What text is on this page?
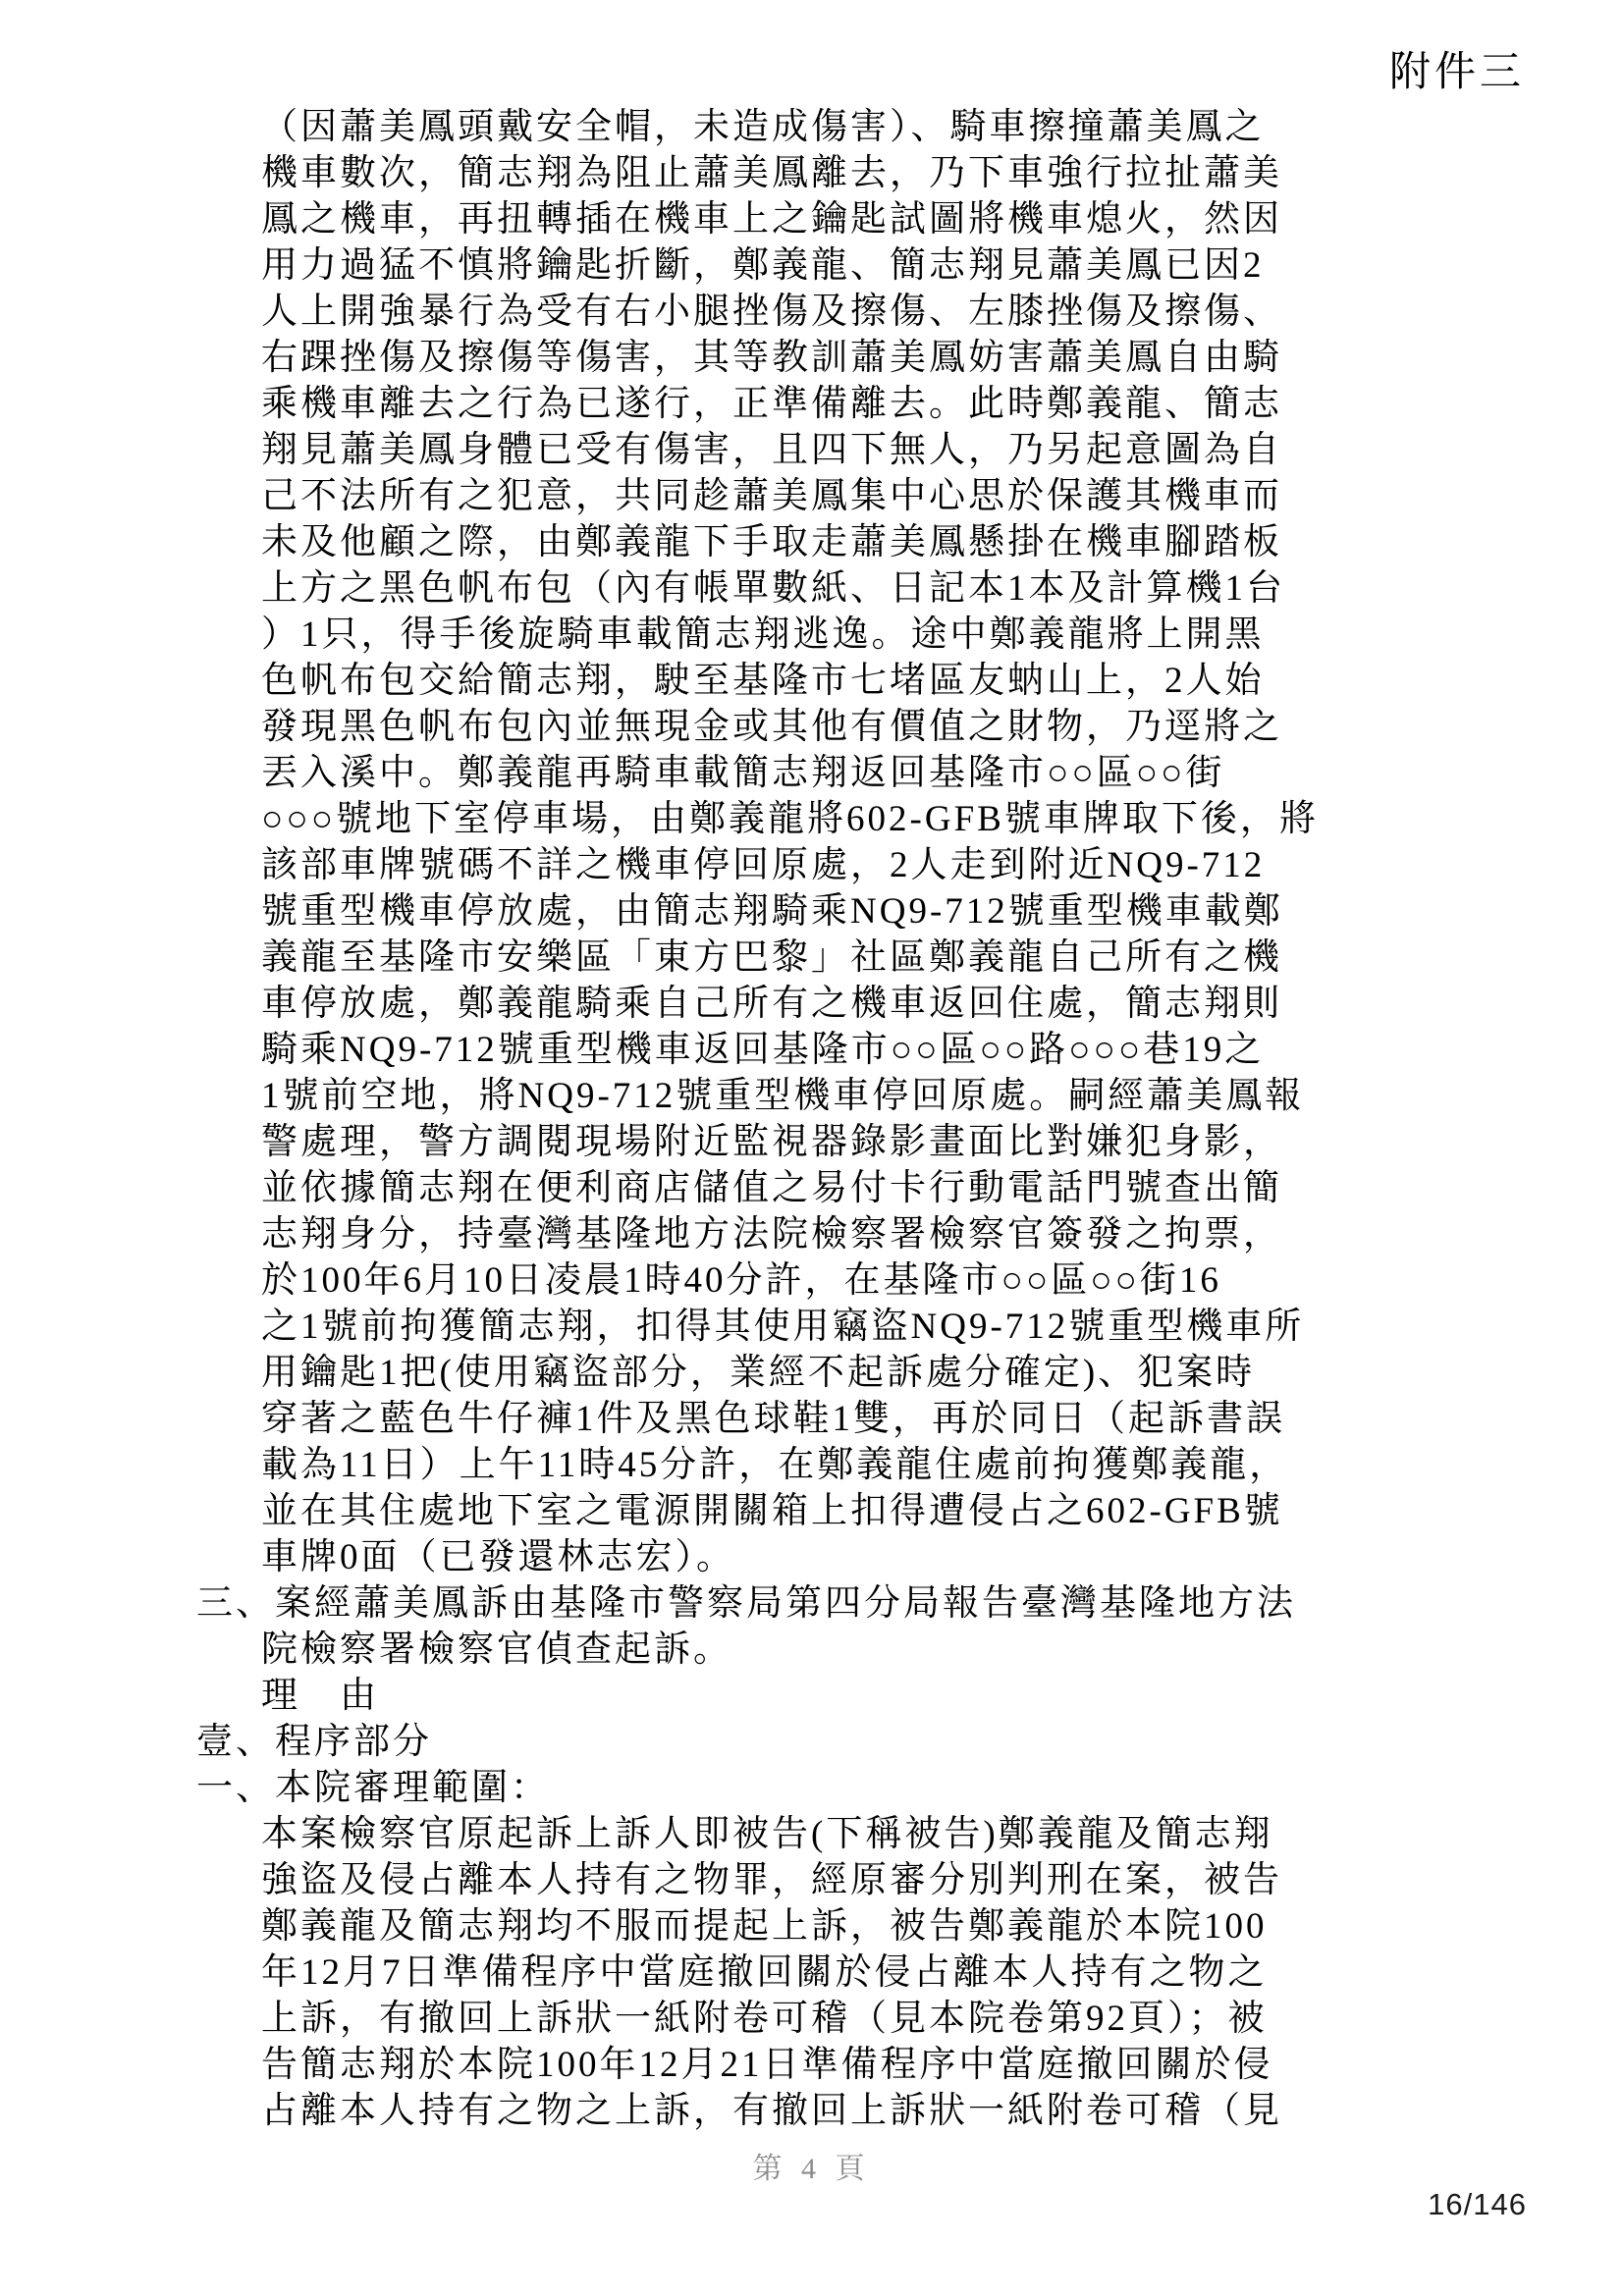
附件三
（因蕭美鳳頭戴安全帽，未造成傷害）、騎車擦撞蕭美鳳之
機車數次，簡志翔為阻止蕭美鳳離去，乃下車強行拉扯蕭美
鳳之機車，再扭轉插在機車上之鑰匙試圖將機車熄火，然因
用力過猛不慎將鑰匙折斷，鄭義龍、簡志翔見蕭美鳳已因2
人上開強暴行為受有右小腿挫傷及擦傷、左膝挫傷及擦傷、
右踝挫傷及擦傷等傷害，其等教訓蕭美鳳妨害蕭美鳳自由騎
乘機車離去之行為已遂行，正準備離去。此時鄭義龍、簡志
翔見蕭美鳳身體已受有傷害，且四下無人，乃另起意圖為自
己不法所有之犯意，共同趁蕭美鳳集中心思於保護其機車而
未及他顧之際，由鄭義龍下手取走蕭美鳳懸掛在機車腳踏板
上方之黑色帆布包（內有帳單數紙、日記本1本及計算機1台
）1只，得手後旋騎車載簡志翔逃逸。途中鄭義龍將上開黑
色帆布包交給簡志翔，駛至基隆市七堵區友蚋山上，2人始
發現黑色帆布包內並無現金或其他有價值之財物，乃逕將之
丟入溪中。鄭義龍再騎車載簡志翔返回基隆市○○區○○街
○○○號地下室停車場，由鄭義龍將602-GFB號車牌取下後，將
該部車牌號碼不詳之機車停回原處，2人走到附近NQ9-712
號重型機車停放處，由簡志翔騎乘NQ9-712號重型機車載鄭
義龍至基隆市安樂區「東方巴黎」社區鄭義龍自己所有之機
車停放處，鄭義龍騎乘自己所有之機車返回住處，簡志翔則
騎乘NQ9-712號重型機車返回基隆市○○區○○路○○○巷19之
1號前空地，將NQ9-712號重型機車停回原處。嗣經蕭美鳳報
警處理，警方調閱現場附近監視器錄影畫面比對嫌犯身影，
並依據簡志翔在便利商店儲值之易付卡行動電話門號查出簡
志翔身分，持臺灣基隆地方法院檢察署檢察官簽發之拘票，
於100年6月10日凌晨1時40分許，在基隆市○○區○○街16
之1號前拘獲簡志翔，扣得其使用竊盜NQ9-712號重型機車所
用鑰匙1把(使用竊盜部分，業經不起訴處分確定)、犯案時
穿著之藍色牛仔褲1件及黑色球鞋1雙，再於同日（起訴書誤
載為11日）上午11時45分許，在鄭義龍住處前拘獲鄭義龍，
並在其住處地下室之電源開關箱上扣得遭侵占之602-GFB號
車牌0面（已發還林志宏）。
三、案經蕭美鳳訴由基隆市警察局第四分局報告臺灣基隆地方法
院檢察署檢察官偵查起訴。
理　由
壹、程序部分
一、本院審理範圍：
本案檢察官原起訴上訴人即被告(下稱被告)鄭義龍及簡志翔
強盜及侵占離本人持有之物罪，經原審分別判刑在案，被告
鄭義龍及簡志翔均不服而提起上訴，被告鄭義龍於本院100
年12月7日準備程序中當庭撤回關於侵占離本人持有之物之
上訴，有撤回上訴狀一紙附卷可稽（見本院卷第92頁）；被
告簡志翔於本院100年12月21日準備程序中當庭撤回關於侵
占離本人持有之物之上訴，有撤回上訴狀一紙附卷可稽（見
第 4 頁
16/146
